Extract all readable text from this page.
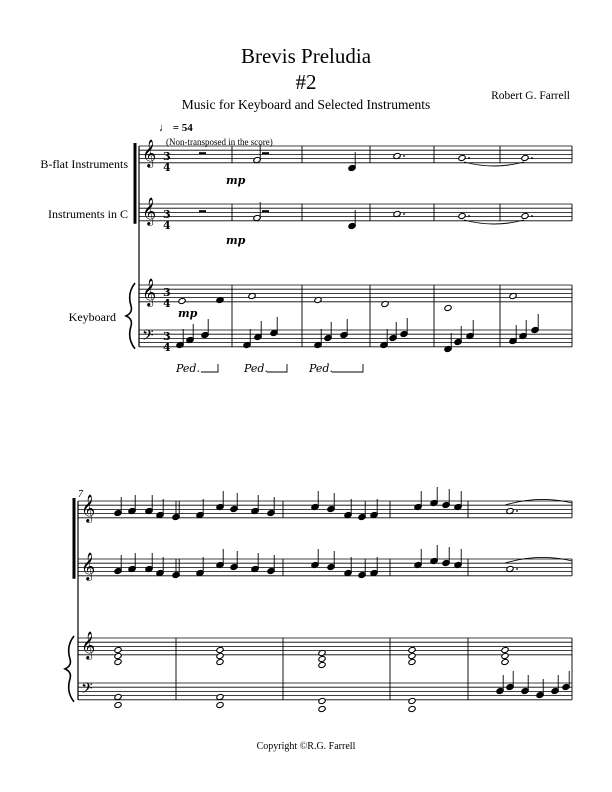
Brevis Preludia
#2
Music for Keyboard and Selected Instruments
Robert G. Farrell
B-flat Instruments
Instruments in C
Keyboard
♩ = 54
(Non-transposed in the score)
𝄞
𝄞
𝄞
𝄢
𝄞
𝄞
𝄞
𝄢
mp
mp
mp
Ped.	Ped.	Ped.
7
3
4
3
4
3
4
3
4
Copyright ©R.G. Farrell
